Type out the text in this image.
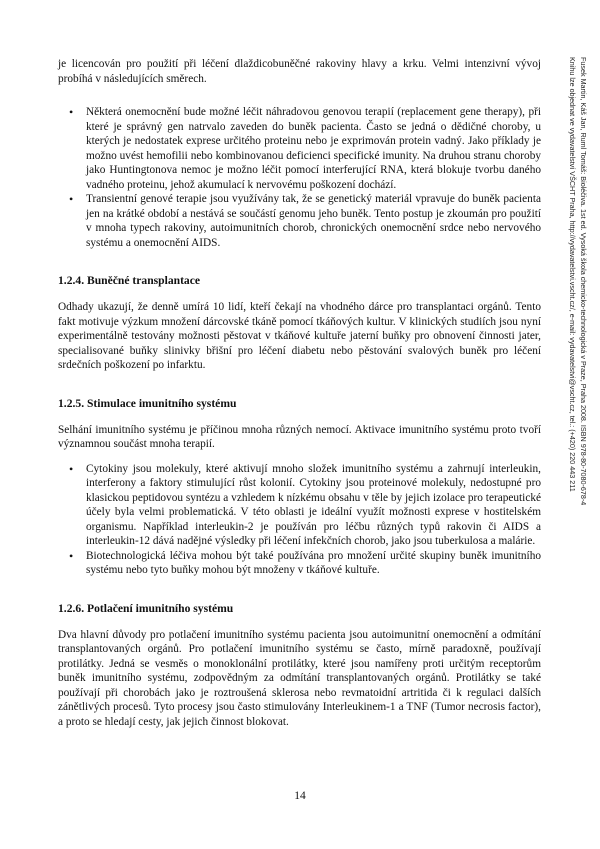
je licencován pro použití při léčení dlaždicobuněčné rakoviny hlavy a krku. Velmi intenzivní vývoj probíhá v následujících směrech.

• Některá onemocnění bude možné léčit náhradovou genovou terapií (replacement gene therapy), při které je správný gen natrvalo zaveden do buněk pacienta. Často se jedná o dědičné choroby, u kterých je nedostatek exprese určitého proteinu nebo je exprimován protein vadný. Jako příklady je možno uvést hemofilii nebo kombinovanou deficienci specifické imunity. Na druhou stranu choroby jako Huntingtonova nemoc je možno léčit pomocí interferující RNA, která blokuje tvorbu daného vadného proteinu, jehož akumulací k nervovému poškození dochází.
• Transientní genové terapie jsou využívány tak, že se genetický materiál vpravuje do buněk pacienta jen na krátké období a nestává se součástí genomu jeho buněk. Tento postup je zkoumán pro použití v mnoha typech rakoviny, autoimunitních chorob, chronických onemocnění srdce nebo nervového systému a onemocnění AIDS.
1.2.4. Buněčné transplantace

Odhady ukazují, že denně umírá 10 lidí, kteří čekají na vhodného dárce pro transplantaci orgánů. Tento fakt motivuje výzkum množení dárcovské tkáně pomocí tkáňových kultur. V klinických studiích jsou nyní experimentálně testovány možnosti pěstovat v tkáňové kultuře jaterní buňky pro obnovení činnosti jater, specialisované buňky slinivky břišní pro léčení diabetu nebo pěstování svalových buněk pro léčení srdečních poškození po infarktu.

1.2.5. Stimulace imunitního systému

Selhání imunitního systému je příčinou mnoha různých nemocí. Aktivace imunitního systému proto tvoří významnou součást mnoha terapií.

• Cytokiny jsou molekuly, které aktivují mnoho složek imunitního systému a zahrnují interleukin, interferony a faktory stimulující růst kolonií. Cytokiny jsou proteinové molekuly, nedostupné pro klasickou peptidovou syntézu a vzhledem k nízkému obsahu v těle by jejich izolace pro terapeutické účely byla velmi problematická. V této oblasti je ideální využít možnosti exprese v hostitelském organismu. Například interleukin-2 je používán pro léčbu různých typů rakovin či AIDS a interleukin-12 dává nadějné výsledky při léčení infekčních chorob, jako jsou tuberkulosa a malárie.
• Biotechnologická léčiva mohou být také používána pro množení určité skupiny buněk imunitního systému nebo tyto buňky mohou být množeny v tkáňové kultuře.
1.2.6. Potlačení imunitního systému

Dva hlavní důvody pro potlačení imunitního systému pacienta jsou autoimunitní onemocnění a odmítání transplantovaných orgánů. Pro potlačení imunitního systému se často, mírně paradoxně, používají protilátky. Jedná se vesměs o monoklonální protilátky, které jsou namířeny proti určitým receptorům buněk imunitního systému, zodpovědným za odmítání transplantovaných orgánů. Protilátky se také používají při chorobách jako je roztroušená sklerosa nebo revmatoidní artritida či k regulaci dalších zánětlivých procesů. Tyto procesy jsou často stimulovány Interleukinem-1 a TNF (Tumor necrosis factor), a proto se hledají cesty, jak jejich činnost blokovat.

Fusek Martin, Káš Jan, Ruml Tomáš: Bioléčiva. 1st ed. Vysoká škola chemicko-technologická v Praze, Praha 2008. ISBN 978-80-7080-678-4
Knihu lze objednat ve vydavatelství VŠCHT Praha, http://vydavatelstvi.vscht.cz/, e-mail: vydavatelstvi@vscht.cz, tel.: (+420) 220 443 211
14
